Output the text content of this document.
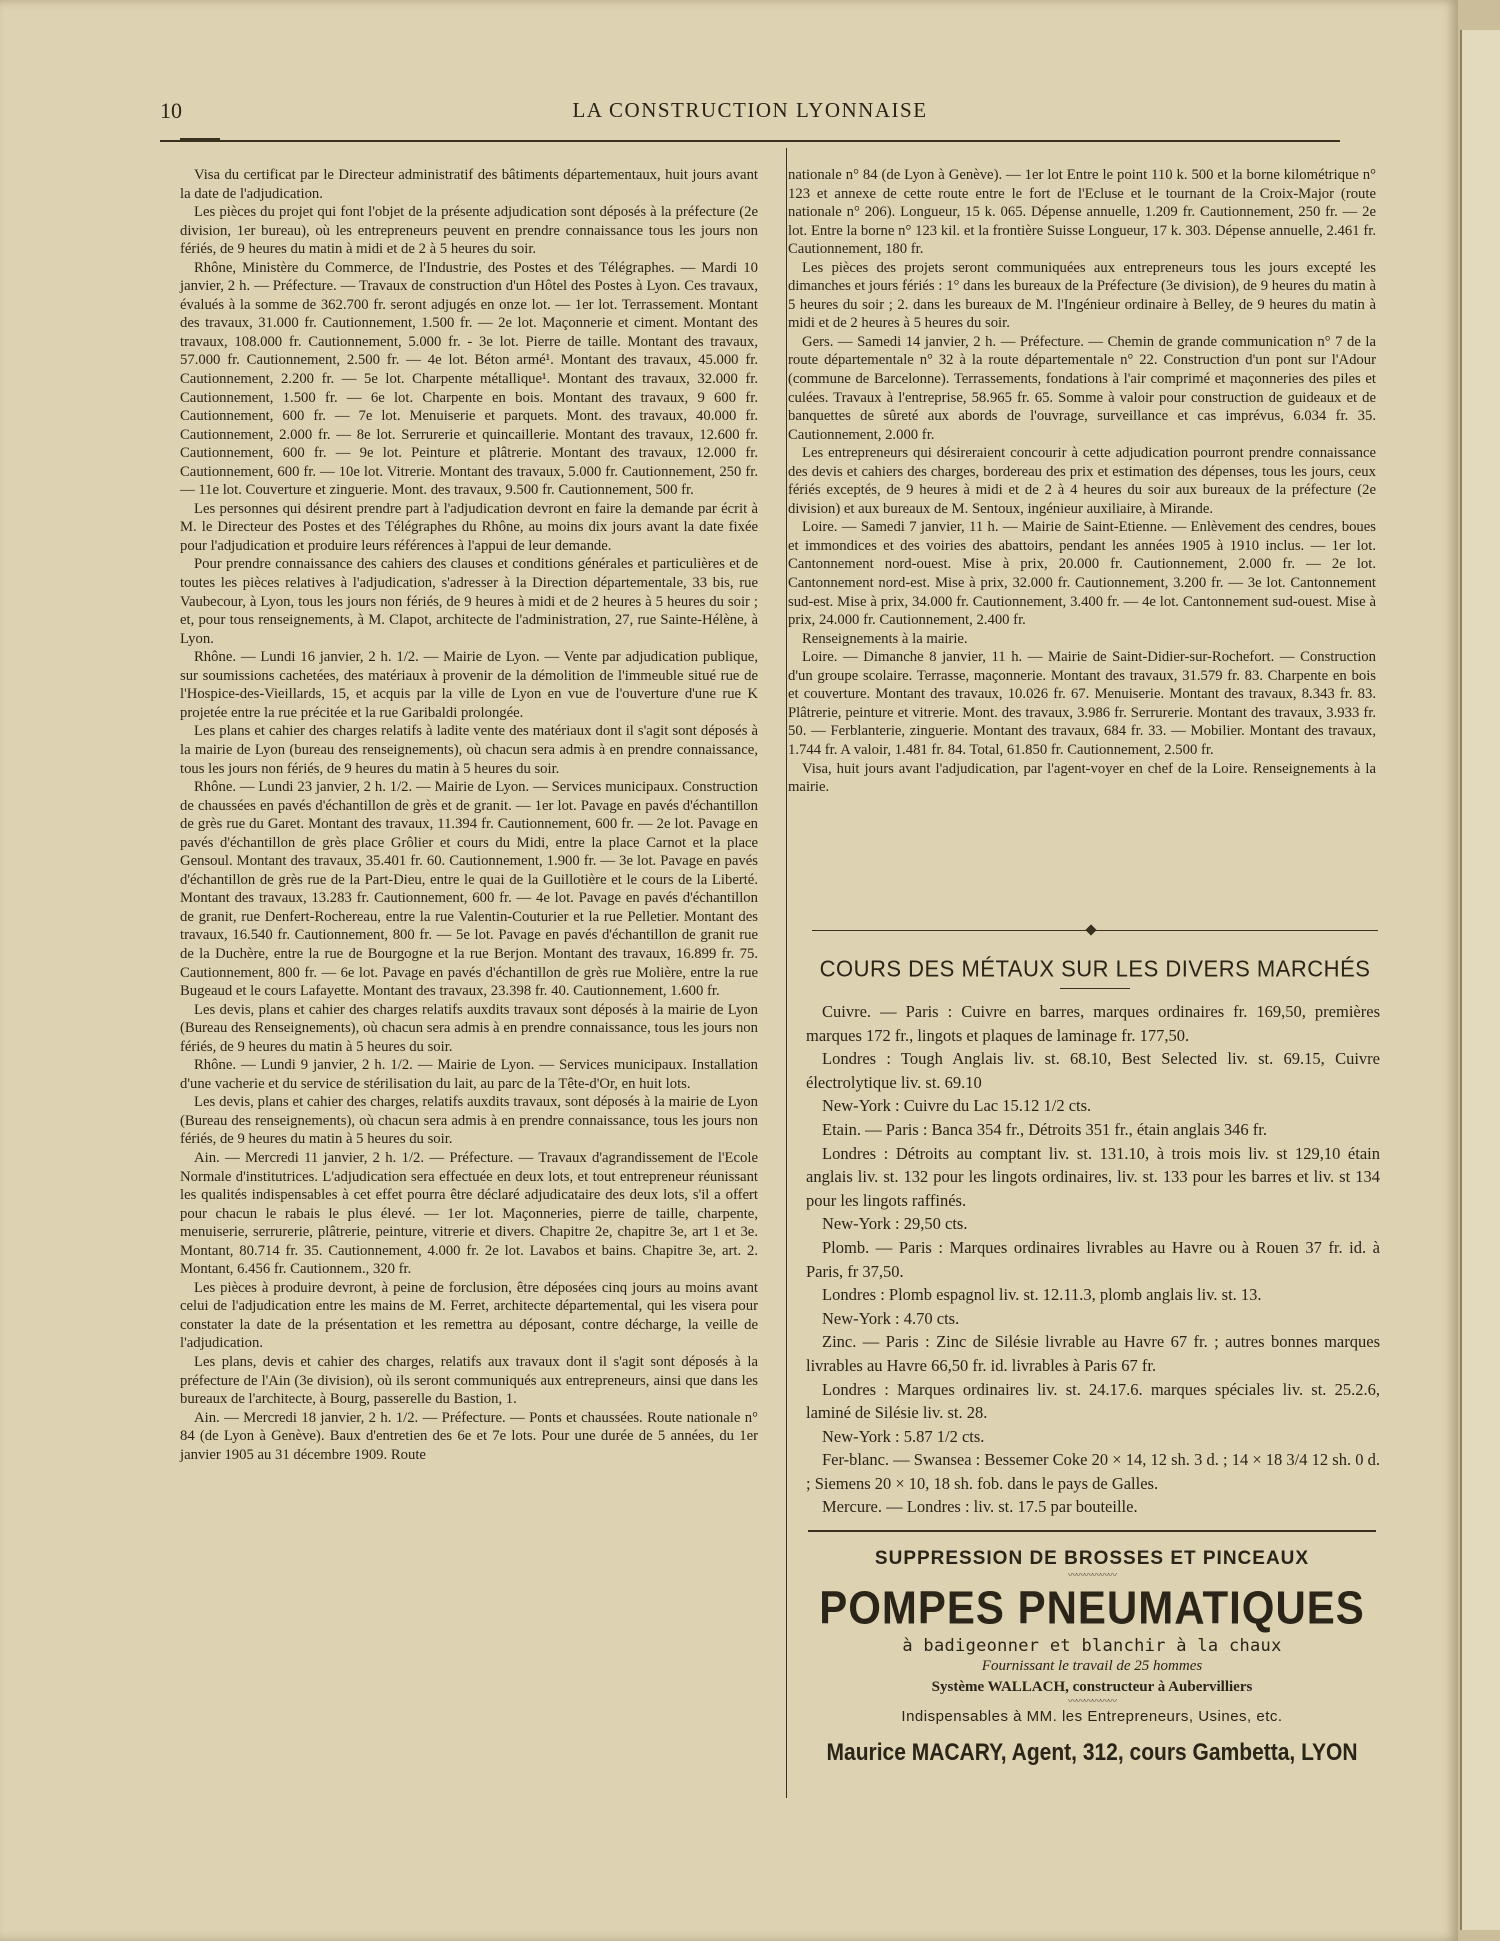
10	LA CONSTRUCTION LYONNAISE

Visa du certificat par le Directeur administratif des bâtiments départementaux, huit jours avant la date de l'adjudication.

Les pièces du projet qui font l'objet de la présente adjudication sont déposés à la préfecture (2e division, 1er bureau), où les entrepreneurs peuvent en prendre connaissance tous les jours non fériés, de 9 heures du matin à midi et de 2 à 5 heures du soir.

Rhône, Ministère du Commerce, de l'Industrie, des Postes et des Télégraphes. — Mardi 10 janvier, 2 h. — Préfecture. — Travaux de construction d'un Hôtel des Postes à Lyon. Ces travaux, évalués à la somme de 362.700 fr. seront adjugés en onze lot. — 1er lot. Terrassement. Montant des travaux, 31.000 fr. Cautionnement, 1.500 fr. — 2e lot. Maçonnerie et ciment. Montant des travaux, 108.000 fr. Cautionnement, 5.000 fr. - 3e lot. Pierre de taille. Montant des travaux, 57.000 fr. Cautionnement, 2.500 fr. — 4e lot. Béton armé¹. Montant des travaux, 45.000 fr. Cautionnement, 2.200 fr. — 5e lot. Charpente métallique¹. Montant des travaux, 32.000 fr. Cautionnement, 1.500 fr. — 6e lot. Charpente en bois. Montant des travaux, 9 600 fr. Cautionnement, 600 fr. — 7e lot. Menuiserie et parquets. Mont. des travaux, 40.000 fr. Cautionnement, 2.000 fr. — 8e lot. Serrurerie et quincaillerie. Montant des travaux, 12.600 fr. Cautionnement, 600 fr. — 9e lot. Peinture et plâtrerie. Montant des travaux, 12.000 fr. Cautionnement, 600 fr. — 10e lot. Vitrerie. Montant des travaux, 5.000 fr. Cautionnement, 250 fr. — 11e lot. Couverture et zinguerie. Mont. des travaux, 9.500 fr. Cautionnement, 500 fr.

Les personnes qui désirent prendre part à l'adjudication devront en faire la demande par écrit à M. le Directeur des Postes et des Télégraphes du Rhône, au moins dix jours avant la date fixée pour l'adjudication et produire leurs références à l'appui de leur demande.

Pour prendre connaissance des cahiers des clauses et conditions générales et particulières et de toutes les pièces relatives à l'adjudication, s'adresser à la Direction départementale, 33 bis, rue Vaubecour, à Lyon, tous les jours non fériés, de 9 heures à midi et de 2 heures à 5 heures du soir ; et, pour tous renseignements, à M. Clapot, architecte de l'administration, 27, rue Sainte-Hélène, à Lyon.

Rhône. — Lundi 16 janvier, 2 h. 1/2. — Mairie de Lyon. — Vente par adjudication publique, sur soumissions cachetées, des matériaux à provenir de la démolition de l'immeuble situé rue de l'Hospice-des-Vieillards, 15, et acquis par la ville de Lyon en vue de l'ouverture d'une rue K projetée entre la rue précitée et la rue Garibaldi prolongée.

Les plans et cahier des charges relatifs à ladite vente des matériaux dont il s'agit sont déposés à la mairie de Lyon (bureau des renseignements), où chacun sera admis à en prendre connaissance, tous les jours non fériés, de 9 heures du matin à 5 heures du soir.

Rhône. — Lundi 23 janvier, 2 h. 1/2. — Mairie de Lyon. — Services municipaux. Construction de chaussées en pavés d'échantillon de grès et de granit. — 1er lot. Pavage en pavés d'échantillon de grès rue du Garet. Montant des travaux, 11.394 fr. Cautionnement, 600 fr. — 2e lot. Pavage en pavés d'échantillon de grès place Grôlier et cours du Midi, entre la place Carnot et la place Gensoul. Montant des travaux, 35.401 fr. 60. Cautionnement, 1.900 fr. — 3e lot. Pavage en pavés d'échantillon de grès rue de la Part-Dieu, entre le quai de la Guillotière et le cours de la Liberté. Montant des travaux, 13.283 fr. Cautionnement, 600 fr. — 4e lot. Pavage en pavés d'échantillon de granit, rue Denfert-Rochereau, entre la rue Valentin-Couturier et la rue Pelletier. Montant des travaux, 16.540 fr. Cautionnement, 800 fr. — 5e lot. Pavage en pavés d'échantillon de granit rue de la Duchère, entre la rue de Bourgogne et la rue Berjon. Montant des travaux, 16.899 fr. 75. Cautionnement, 800 fr. — 6e lot. Pavage en pavés d'échantillon de grès rue Molière, entre la rue Bugeaud et le cours Lafayette. Montant des travaux, 23.398 fr. 40. Cautionnement, 1.600 fr.

Les devis, plans et cahier des charges relatifs auxdits travaux sont déposés à la mairie de Lyon (Bureau des Renseignements), où chacun sera admis à en prendre connaissance, tous les jours non fériés, de 9 heures du matin à 5 heures du soir.

Rhône. — Lundi 9 janvier, 2 h. 1/2. — Mairie de Lyon. — Services municipaux. Installation d'une vacherie et du service de stérilisation du lait, au parc de la Tête-d'Or, en huit lots.

Les devis, plans et cahier des charges, relatifs auxdits travaux, sont déposés à la mairie de Lyon (Bureau des renseignements), où chacun sera admis à en prendre connaissance, tous les jours non fériés, de 9 heures du matin à 5 heures du soir.

Ain. — Mercredi 11 janvier, 2 h. 1/2. — Préfecture. — Travaux d'agrandissement de l'Ecole Normale d'institutrices. L'adjudication sera effectuée en deux lots, et tout entrepreneur réunissant les qualités indispensables à cet effet pourra être déclaré adjudicataire des deux lots, s'il a offert pour chacun le rabais le plus élevé. — 1er lot. Maçonneries, pierre de taille, charpente, menuiserie, serrurerie, plâtrerie, peinture, vitrerie et divers. Chapitre 2e, chapitre 3e, art 1 et 3e. Montant, 80.714 fr. 35. Cautionnement, 4.000 fr. 2e lot. Lavabos et bains. Chapitre 3e, art. 2. Montant, 6.456 fr. Cautionnem., 320 fr.

Les pièces à produire devront, à peine de forclusion, être déposées cinq jours au moins avant celui de l'adjudication entre les mains de M. Ferret, architecte départemental, qui les visera pour constater la date de la présentation et les remettra au déposant, contre décharge, la veille de l'adjudication.

Les plans, devis et cahier des charges, relatifs aux travaux dont il s'agit sont déposés à la préfecture de l'Ain (3e division), où ils seront communiqués aux entrepreneurs, ainsi que dans les bureaux de l'architecte, à Bourg, passerelle du Bastion, 1.

Ain. — Mercredi 18 janvier, 2 h. 1/2. — Préfecture. — Ponts et chaussées. Route nationale n° 84 (de Lyon à Genève). Baux d'entretien des 6e et 7e lots. Pour une durée de 5 années, du 1er janvier 1905 au 31 décembre 1909. Route

nationale n° 84 (de Lyon à Genève). — 1er lot Entre le point 110 k. 500 et la borne kilométrique n° 123 et annexe de cette route entre le fort de l'Ecluse et le tournant de la Croix-Major (route nationale n° 206). Longueur, 15 k. 065. Dépense annuelle, 1.209 fr. Cautionnement, 250 fr. — 2e lot. Entre la borne n° 123 kil. et la frontière Suisse Longueur, 17 k. 303. Dépense annuelle, 2.461 fr. Cautionnement, 180 fr.

Les pièces des projets seront communiquées aux entrepreneurs tous les jours excepté les dimanches et jours fériés : 1° dans les bureaux de la Préfecture (3e division), de 9 heures du matin à 5 heures du soir ; 2. dans les bureaux de M. l'Ingénieur ordinaire à Belley, de 9 heures du matin à midi et de 2 heures à 5 heures du soir.

Gers. — Samedi 14 janvier, 2 h. — Préfecture. — Chemin de grande communication n° 7 de la route départementale n° 32 à la route départementale n° 22. Construction d'un pont sur l'Adour (commune de Barcelonne). Terrassements, fondations à l'air comprimé et maçonneries des piles et culées. Travaux à l'entreprise, 58.965 fr. 65. Somme à valoir pour construction de guideaux et de banquettes de sûreté aux abords de l'ouvrage, surveillance et cas imprévus, 6.034 fr. 35. Cautionnement, 2.000 fr.

Les entrepreneurs qui désireraient concourir à cette adjudication pourront prendre connaissance des devis et cahiers des charges, bordereau des prix et estimation des dépenses, tous les jours, ceux fériés exceptés, de 9 heures à midi et de 2 à 4 heures du soir aux bureaux de la préfecture (2e division) et aux bureaux de M. Sentoux, ingénieur auxiliaire, à Mirande.

Loire. — Samedi 7 janvier, 11 h. — Mairie de Saint-Etienne. — Enlèvement des cendres, boues et immondices et des voiries des abattoirs, pendant les années 1905 à 1910 inclus. — 1er lot. Cantonnement nord-ouest. Mise à prix, 20.000 fr. Cautionnement, 2.000 fr. — 2e lot. Cantonnement nord-est. Mise à prix, 32.000 fr. Cautionnement, 3.200 fr. — 3e lot. Cantonnement sud-est. Mise à prix, 34.000 fr. Cautionnement, 3.400 fr. — 4e lot. Cantonnement sud-ouest. Mise à prix, 24.000 fr. Cautionnement, 2.400 fr.

Renseignements à la mairie.

Loire. — Dimanche 8 janvier, 11 h. — Mairie de Saint-Didier-sur-Rochefort. — Construction d'un groupe scolaire. Terrasse, maçonnerie. Montant des travaux, 31.579 fr. 83. Charpente en bois et couverture. Montant des travaux, 10.026 fr. 67. Menuiserie. Montant des travaux, 8.343 fr. 83. Plâtrerie, peinture et vitrerie. Mont. des travaux, 3.986 fr. Serrurerie. Montant des travaux, 3.933 fr. 50. — Ferblanterie, zinguerie. Montant des travaux, 684 fr. 33. — Mobilier. Montant des travaux, 1.744 fr. A valoir, 1.481 fr. 84. Total, 61.850 fr. Cautionnement, 2.500 fr.

Visa, huit jours avant l'adjudication, par l'agent-voyer en chef de la Loire. Renseignements à la mairie.

COURS DES MÉTAUX SUR LES DIVERS MARCHÉS

Cuivre. — Paris : Cuivre en barres, marques ordinaires fr. 169,50, premières marques 172 fr., lingots et plaques de laminage fr. 177,50.

Londres : Tough Anglais liv. st. 68.10, Best Selected liv. st. 69.15, Cuivre électrolytique liv. st. 69.10

New-York : Cuivre du Lac 15.12 1/2 cts.

Etain. — Paris : Banca 354 fr., Détroits 351 fr., étain anglais 346 fr.

Londres : Détroits au comptant liv. st. 131.10, à trois mois liv. st 129,10 étain anglais liv. st. 132 pour les lingots ordinaires, liv. st. 133 pour les barres et liv. st 134 pour les lingots raffinés.

New-York : 29,50 cts.

Plomb. — Paris : Marques ordinaires livrables au Havre ou à Rouen 37 fr. id. à Paris, fr 37,50.

Londres : Plomb espagnol liv. st. 12.11.3, plomb anglais liv. st. 13.

New-York : 4.70 cts.

Zinc. — Paris : Zinc de Silésie livrable au Havre 67 fr. ; autres bonnes marques livrables au Havre 66,50 fr. id. livrables à Paris 67 fr.

Londres : Marques ordinaires liv. st. 24.17.6. marques spéciales liv. st. 25.2.6, laminé de Silésie liv. st. 28.

New-York : 5.87 1/2 cts.

Fer-blanc. — Swansea : Bessemer Coke 20 × 14, 12 sh. 3 d. ; 14 × 18 3/4 12 sh. 0 d. ; Siemens 20 × 10, 18 sh. fob. dans le pays de Galles.

Mercure. — Londres : liv. st. 17.5 par bouteille.

SUPPRESSION DE BROSSES ET PINCEAUX
〰〰〰〰〰〰
POMPES PNEUMATIQUES
à badigeonner et blanchir à la chaux
Fournissant le travail de 25 hommes
Système WALLACH, constructeur à Aubervilliers
〰〰〰〰〰〰
Indispensables à MM. les Entrepreneurs, Usines, etc.
Maurice MACARY, Agent, 312, cours Gambetta, LYON
